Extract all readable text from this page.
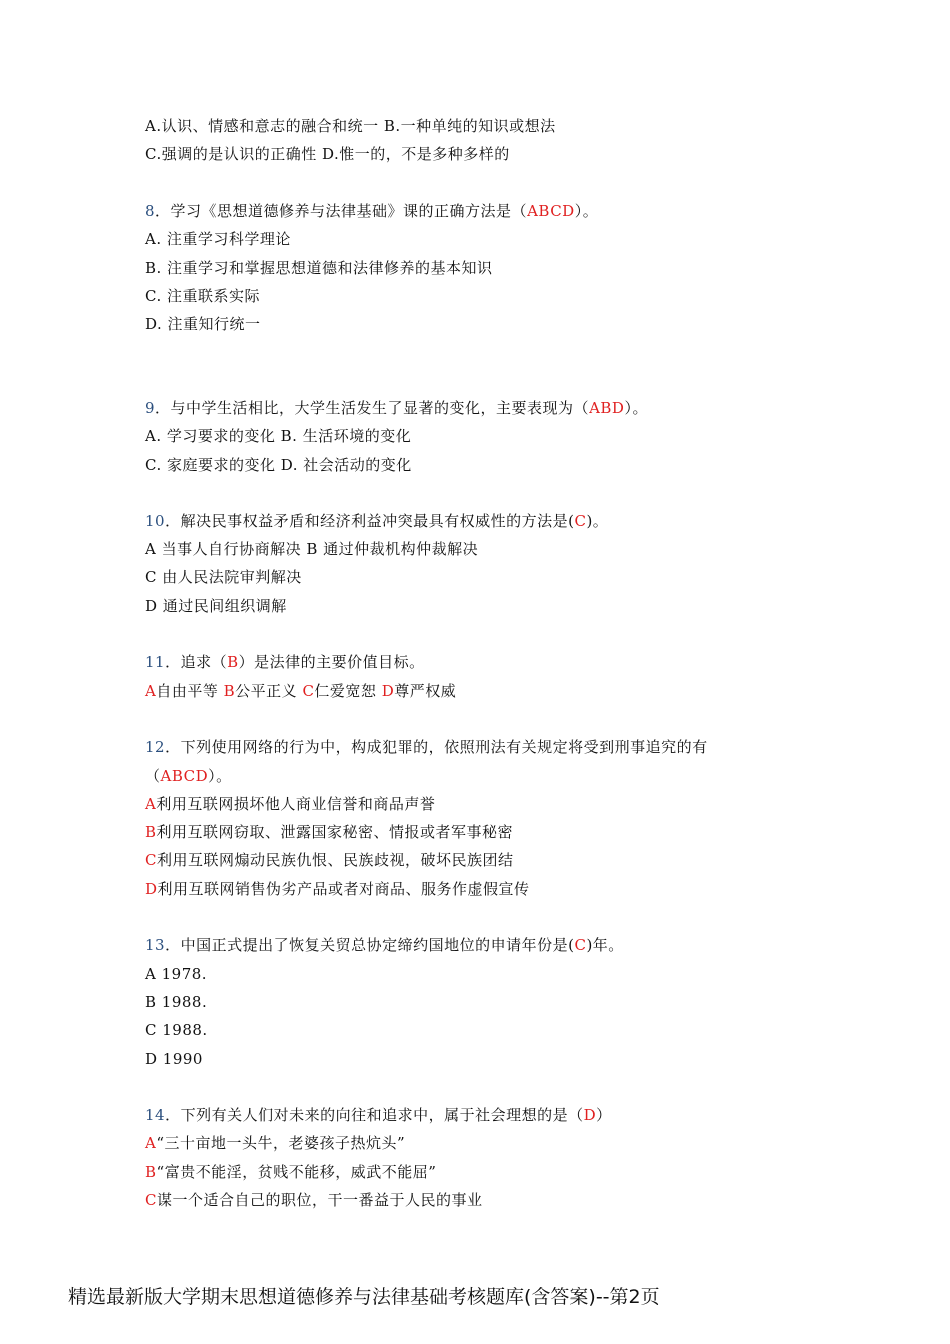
A.认识、情感和意志的融合和统一 B.一种单纯的知识或想法
C.强调的是认识的正确性 D.惟一的，不是多种多样的
8．学习《思想道德修养与法律基础》课的正确方法是（ABCD）。
A. 注重学习科学理论
B. 注重学习和掌握思想道德和法律修养的基本知识
C. 注重联系实际
D. 注重知行统一
9．与中学生活相比，大学生活发生了显著的变化，主要表现为（ABD）。
A. 学习要求的变化 B. 生活环境的变化
C. 家庭要求的变化 D. 社会活动的变化
10．解决民事权益矛盾和经济利益冲突最具有权威性的方法是(C)。
A 当事人自行协商解决 B 通过仲裁机构仲裁解决
C 由人民法院审判解决
D 通过民间组织调解
11．追求（B）是法律的主要价值目标。
A自由平等 B公平正义 C仁爱宽恕 D尊严权威
12．下列使用网络的行为中，构成犯罪的，依照刑法有关规定将受到刑事追究的有
（ABCD）。
A利用互联网损坏他人商业信誉和商品声誉
B利用互联网窃取、泄露国家秘密、情报或者军事秘密
C利用互联网煽动民族仇恨、民族歧视，破坏民族团结
D利用互联网销售伪劣产品或者对商品、服务作虚假宣传
13．中国正式提出了恢复关贸总协定缔约国地位的申请年份是(C)年。
A 1978.
B 1988.
C 1988.
D 1990
14．下列有关人们对未来的向往和追求中，属于社会理想的是（D）
A“三十亩地一头牛，老婆孩子热炕头”
B“富贵不能淫，贫贱不能移，威武不能屈”
C谋一个适合自己的职位，干一番益于人民的事业
精选最新版大学期末思想道德修养与法律基础考核题库(含答案)--第2页
